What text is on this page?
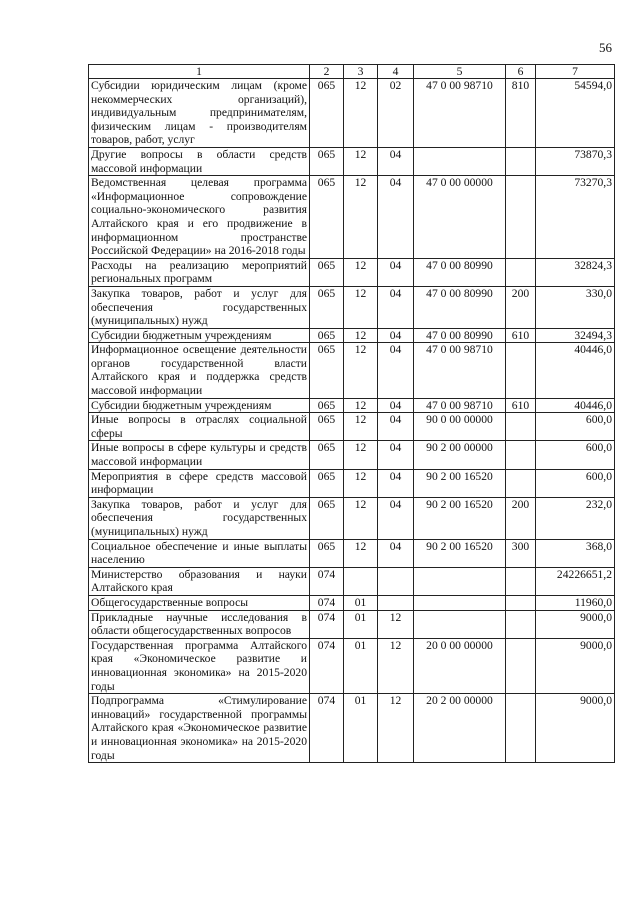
56
1	2	3	4	5	6	7
Субсидии юридическим лицам (кроме некоммерческих организаций), индивидуальным предпринимателям, физическим лицам - производителям товаров, работ, услуг	065	12	02	47 0 00 98710	810	54594,0
Другие вопросы в области средств массовой информации	065	12	04			73870,3
Ведомственная целевая программа «Информационное сопровождение социально-экономического развития Алтайского края и его продвижение в информационном пространстве Российской Федерации» на 2016-2018 годы	065	12	04	47 0 00 00000		73270,3
Расходы на реализацию мероприятий региональных программ	065	12	04	47 0 00 80990		32824,3
Закупка товаров, работ и услуг для обеспечения государственных (муниципальных) нужд	065	12	04	47 0 00 80990	200	330,0
Субсидии бюджетным учреждениям	065	12	04	47 0 00 80990	610	32494,3
Информационное освещение деятельности органов государственной власти Алтайского края и поддержка средств массовой информации	065	12	04	47 0 00 98710		40446,0
Субсидии бюджетным учреждениям	065	12	04	47 0 00 98710	610	40446,0
Иные вопросы в отраслях социальной сферы	065	12	04	90 0 00 00000		600,0
Иные вопросы в сфере культуры и средств массовой информации	065	12	04	90 2 00 00000		600,0
Мероприятия в сфере средств массовой информации	065	12	04	90 2 00 16520		600,0
Закупка товаров, работ и услуг для обеспечения государственных (муниципальных) нужд	065	12	04	90 2 00 16520	200	232,0
Социальное обеспечение и иные выплаты населению	065	12	04	90 2 00 16520	300	368,0
Министерство образования и науки Алтайского края	074					24226651,2
Общегосударственные вопросы	074	01				11960,0
Прикладные научные исследования в области общегосударственных вопросов	074	01	12			9000,0
Государственная программа Алтайского края «Экономическое развитие и инновационная экономика» на 2015-2020 годы	074	01	12	20 0 00 00000		9000,0
Подпрограмма «Стимулирование инноваций» государственной программы Алтайского края «Экономическое развитие и инновационная экономика» на 2015-2020 годы	074	01	12	20 2 00 00000		9000,0
